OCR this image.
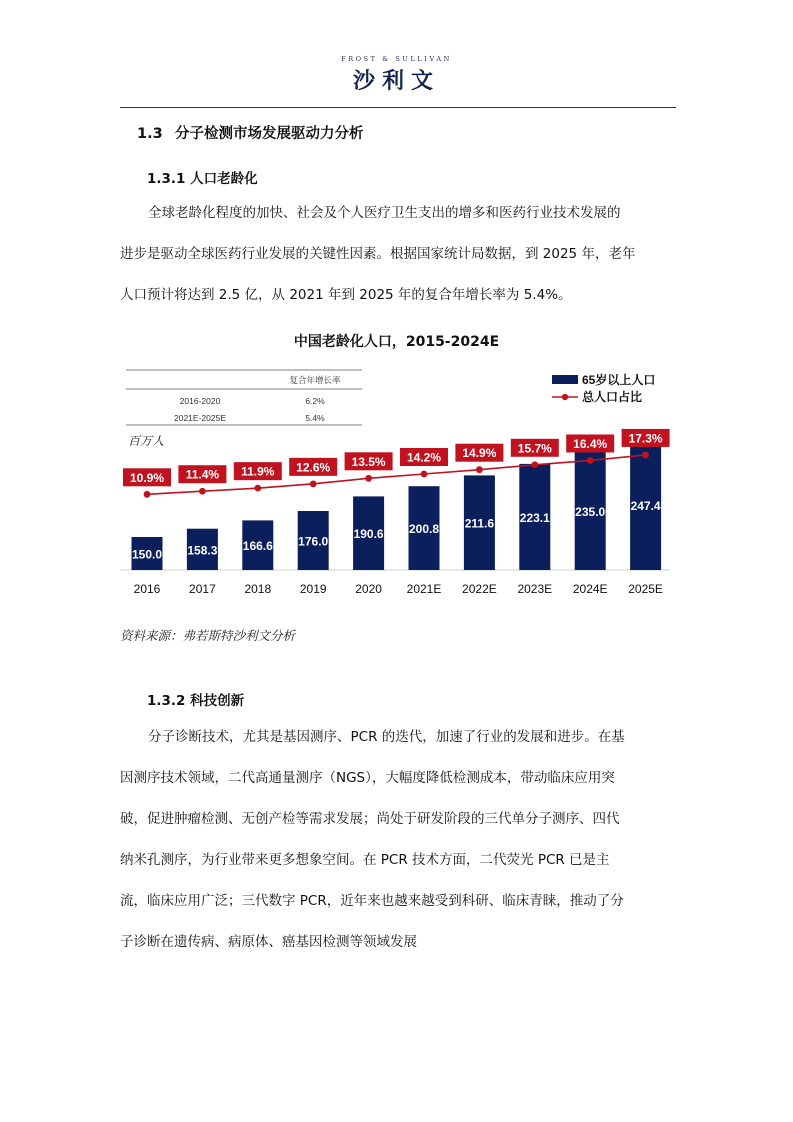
FROST & SULLIVAN
沙利文
1.3 分子检测市场发展驱动力分析
1.3.1 人口老龄化

全球老龄化程度的加快、社会及个人医疗卫生支出的增多和医药行业技术发展的

进步是驱动全球医药行业发展的关键性因素。根据国家统计局数据，到 2025 年，老年

人口预计将达到 2.5 亿，从 2021 年到 2025 年的复合年增长率为 5.4%。

中国老龄化人口，2015-2024E
复合年增长率
2016-2020	6.2%
2021E-2025E	5.4%
65岁以上人口
总人口占比
百万人
150.0 158.3 166.6 176.0
190.6 200.8 211.6 223.1 235.0 247.4
10.9% 11.4% 11.9% 12.6% 13.5% 14.2% 14.9% 15.7% 16.4% 17.3%
2016 2017 2018 2019 2020 2021E 2022E 2023E 2024E 2025E
资料来源：弗若斯特沙利文分析
1.3.2 科技创新

分子诊断技术，尤其是基因测序、PCR 的迭代，加速了行业的发展和进步。在基

因测序技术领域，二代高通量测序（NGS），大幅度降低检测成本，带动临床应用突

破，促进肿瘤检测、无创产检等需求发展；尚处于研发阶段的三代单分子测序、四代

纳米孔测序，为行业带来更多想象空间。在 PCR 技术方面，二代荧光 PCR 已是主

流，临床应用广泛；三代数字 PCR，近年来也越来越受到科研、临床青睐，推动了分

子诊断在遗传病、病原体、癌基因检测等领域发展
